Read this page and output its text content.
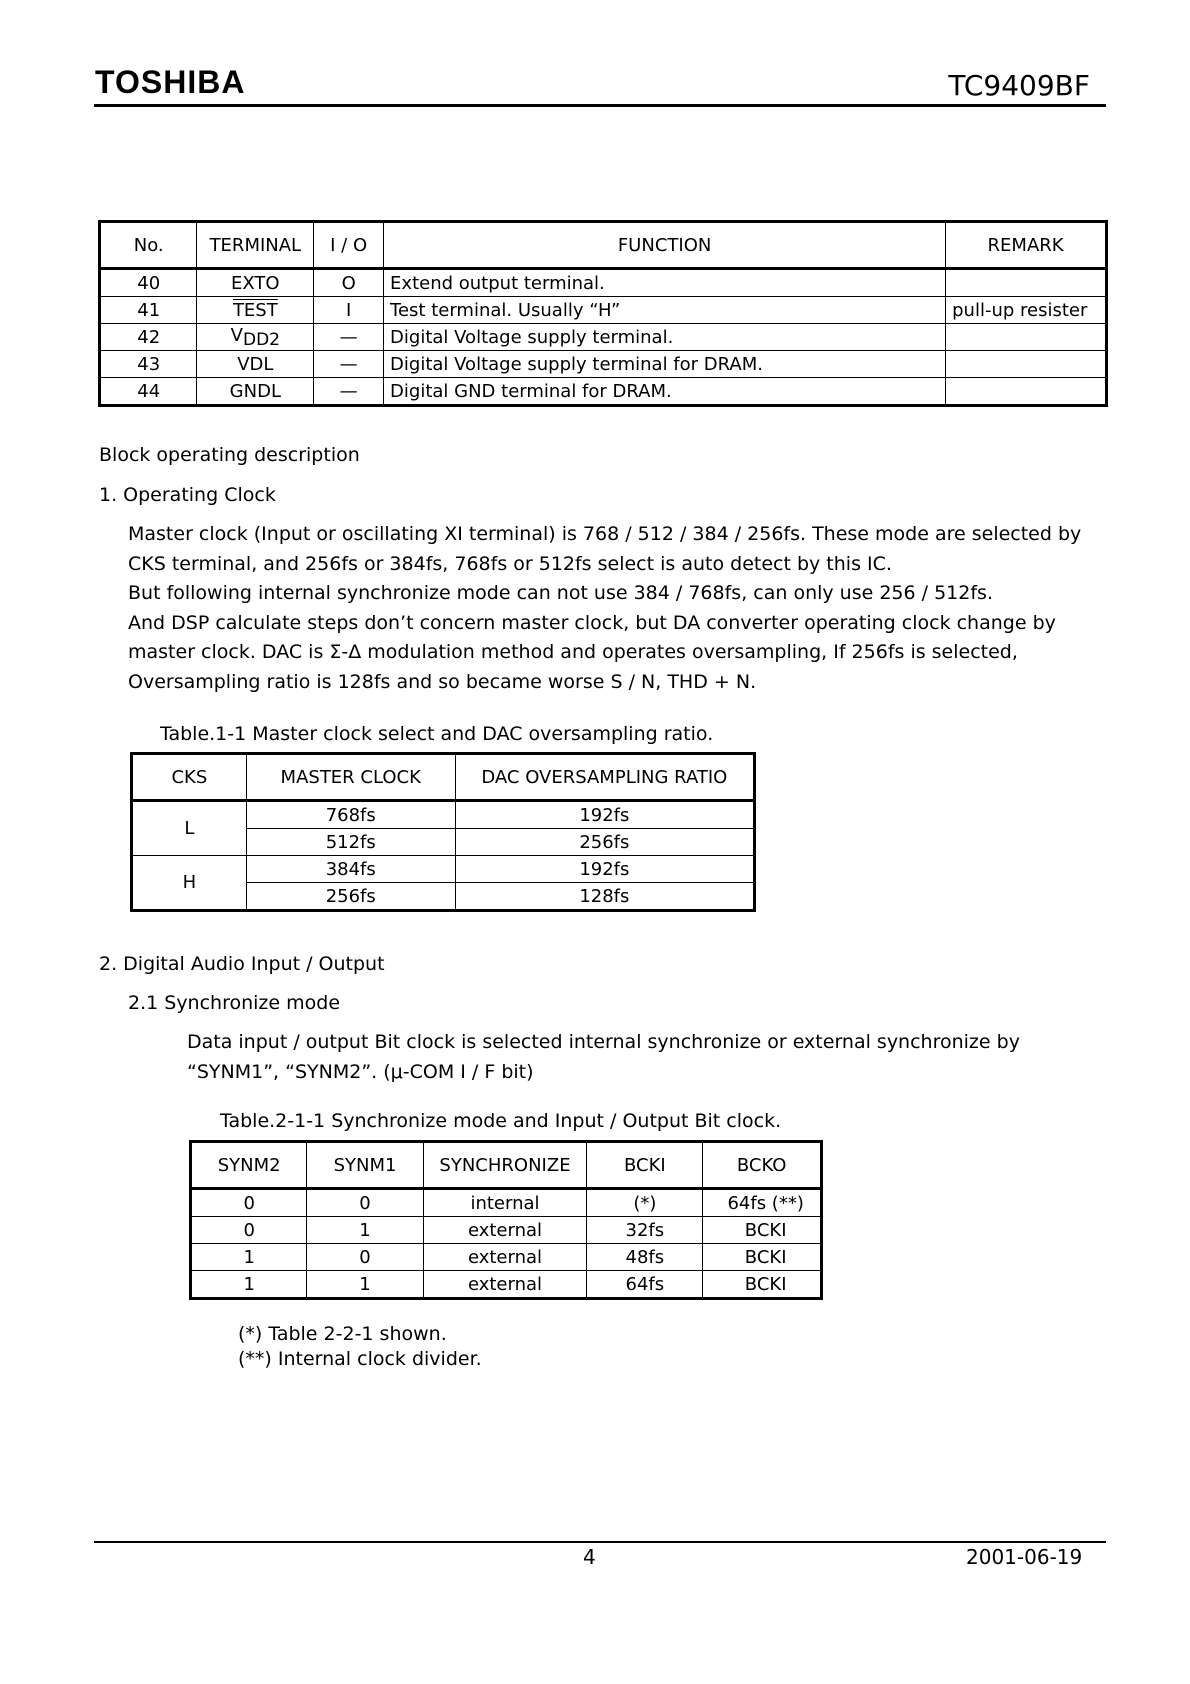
TOSHIBA	TC9409BF
No.	TERMINAL	I / O	FUNCTION	REMARK
40	EXTO	O	Extend output terminal.	
41	TEST	I	Test terminal. Usually “H”	pull-up resister
42	$V_{DD2}$	—	Digital Voltage supply terminal.	
43	VDL	—	Digital Voltage supply terminal for DRAM.	
44	GNDL	—	Digital GND terminal for DRAM.	
Block operating description
1. Operating Clock
Master clock (Input or oscillating XI terminal) is 768 / 512 / 384 / 256fs. These mode are selected by
CKS terminal, and 256fs or 384fs, 768fs or 512fs select is auto detect by this IC.
But following internal synchronize mode can not use 384 / 768fs, can only use 256 / 512fs.
And DSP calculate steps don’t concern master clock, but DA converter operating clock change by
master clock. DAC is Σ-Δ modulation method and operates oversampling, If 256fs is selected,
Oversampling ratio is 128fs and so became worse S / N, THD + N.
Table.1-1 Master clock select and DAC oversampling ratio.
CKS	MASTER CLOCK	DAC OVERSAMPLING RATIO
L	768fs	192fs
	512fs	256fs
H	384fs	192fs
	256fs	128fs
2. Digital Audio Input / Output
2.1 Synchronize mode
Data input / output Bit clock is selected internal synchronize or external synchronize by
“SYNM1”, “SYNM2”. (μ-COM I / F bit)
Table.2-1-1 Synchronize mode and Input / Output Bit clock.
SYNM2	SYNM1	SYNCHRONIZE	BCKI	BCKO
0	0	internal	(*)	64fs (**)
0	1	external	32fs	BCKI
1	0	external	48fs	BCKI
1	1	external	64fs	BCKI
(*) Table 2-2-1 shown.
(**) Internal clock divider.
4	2001-06-19
